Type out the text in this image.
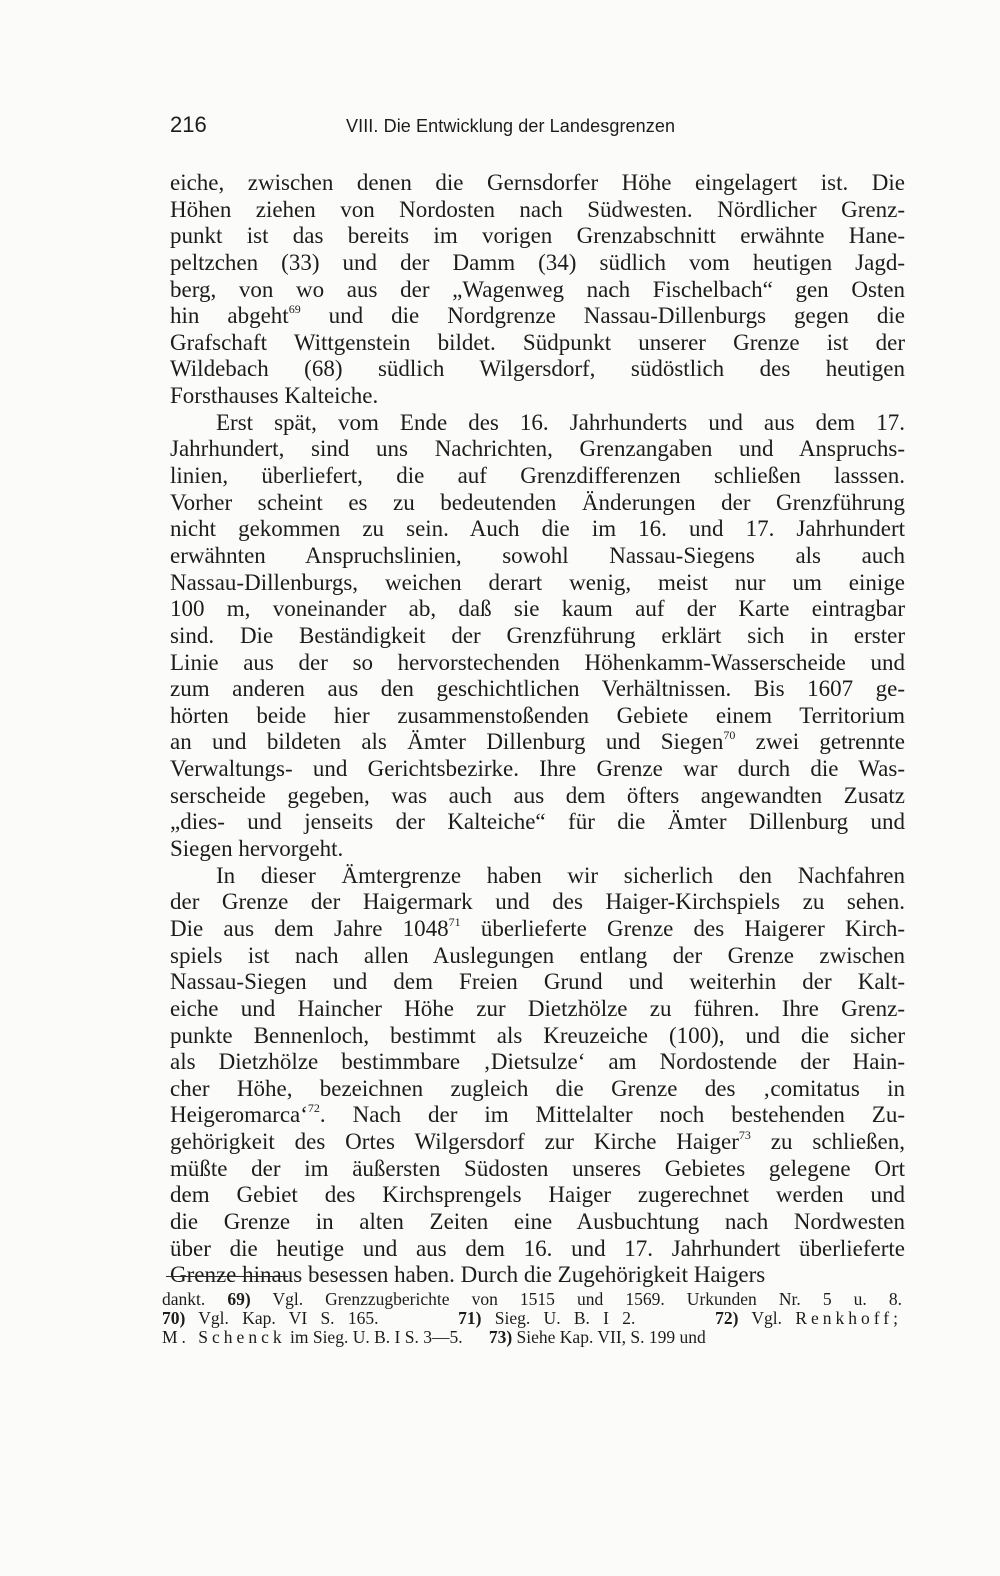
216	VIII. Die Entwicklung der Landesgrenzen
eiche, zwischen denen die Gernsdorfer Höhe eingelagert ist. Die
Höhen ziehen von Nordosten nach Südwesten. Nördlicher Grenz-
punkt ist das bereits im vorigen Grenzabschnitt erwähnte Hane-
peltzchen (33) und der Damm (34) südlich vom heutigen Jagd-
berg, von wo aus der „Wagenweg nach Fischelbach“ gen Osten
hin abgeht$^{69}$ und die Nordgrenze Nassau-Dillenburgs gegen die
Grafschaft Wittgenstein bildet. Südpunkt unserer Grenze ist der
Wildebach (68) südlich Wilgersdorf, südöstlich des heutigen
Forsthauses Kalteiche.
Erst spät, vom Ende des 16. Jahrhunderts und aus dem 17.
Jahrhundert, sind uns Nachrichten, Grenzangaben und Anspruchs-
linien, überliefert, die auf Grenzdifferenzen schließen lasssen.
Vorher scheint es zu bedeutenden Änderungen der Grenzführung
nicht gekommen zu sein. Auch die im 16. und 17. Jahrhundert
erwähnten Anspruchslinien, sowohl Nassau-Siegens als auch
Nassau-Dillenburgs, weichen derart wenig, meist nur um einige
100 m, voneinander ab, daß sie kaum auf der Karte eintragbar
sind. Die Beständigkeit der Grenzführung erklärt sich in erster
Linie aus der so hervorstechenden Höhenkamm-Wasserscheide und
zum anderen aus den geschichtlichen Verhältnissen. Bis 1607 ge-
hörten beide hier zusammenstoßenden Gebiete einem Territorium
an und bildeten als Ämter Dillenburg und Siegen$^{70}$ zwei getrennte
Verwaltungs- und Gerichtsbezirke. Ihre Grenze war durch die Was-
serscheide gegeben, was auch aus dem öfters angewandten Zusatz
„dies- und jenseits der Kalteiche“ für die Ämter Dillenburg und
Siegen hervorgeht.
In dieser Ämtergrenze haben wir sicherlich den Nachfahren
der Grenze der Haigermark und des Haiger-Kirchspiels zu sehen.
Die aus dem Jahre 1048$^{71}$ überlieferte Grenze des Haigerer Kirch-
spiels ist nach allen Auslegungen entlang der Grenze zwischen
Nassau-Siegen und dem Freien Grund und weiterhin der Kalt-
eiche und Haincher Höhe zur Dietzhölze zu führen. Ihre Grenz-
punkte Bennenloch, bestimmt als Kreuzeiche (100), und die sicher
als Dietzhölze bestimmbare ‚Dietsulze‘ am Nordostende der Hain-
cher Höhe, bezeichnen zugleich die Grenze des ‚comitatus in
Heigeromarca‘$^{72}$. Nach der im Mittelalter noch bestehenden Zu-
gehörigkeit des Ortes Wilgersdorf zur Kirche Haiger$^{73}$ zu schließen,
müßte der im äußersten Südosten unseres Gebietes gelegene Ort
dem Gebiet des Kirchsprengels Haiger zugerechnet werden und
die Grenze in alten Zeiten eine Ausbuchtung nach Nordwesten
über die heutige und aus dem 16. und 17. Jahrhundert überlieferte
Grenze hinaus besessen haben. Durch die Zugehörigkeit Haigers
dankt. 69) Vgl. Grenzzugberichte von 1515 und 1569. Urkunden Nr. 5 u. 8.
70) Vgl. Kap. VI S. 165.      71) Sieg. U. B. I 2.      72) Vgl. Renkhoff;
M. Schenck im Sieg. U. B. I S. 3—5.      73) Siehe Kap. VII, S. 199 und
